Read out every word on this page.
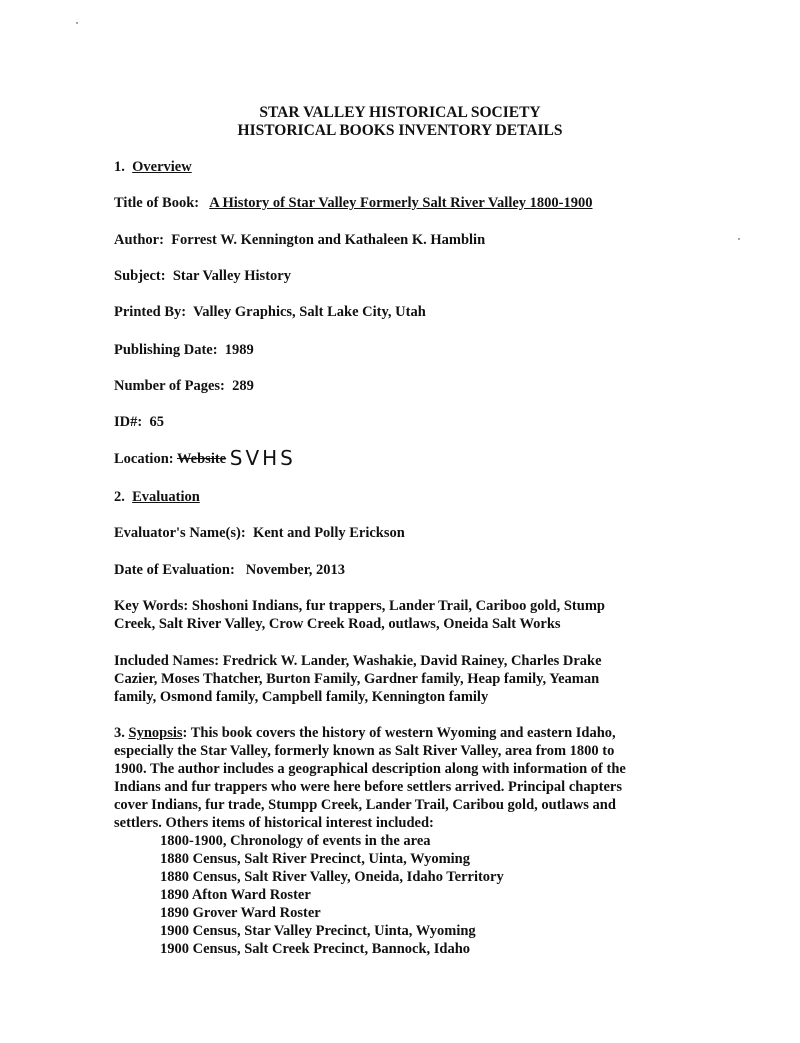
STAR VALLEY HISTORICAL SOCIETY
HISTORICAL BOOKS INVENTORY DETAILS
1. Overview
Title of Book: A History of Star Valley Formerly Salt River Valley 1800-1900
Author: Forrest W. Kennington and Kathaleen K. Hamblin
Subject: Star Valley History
Printed By: Valley Graphics, Salt Lake City, Utah
Publishing Date: 1989
Number of Pages: 289
ID#: 65
Location: Website SVHS
2. Evaluation
Evaluator's Name(s): Kent and Polly Erickson
Date of Evaluation: November, 2013
Key Words: Shoshoni Indians, fur trappers, Lander Trail, Cariboo gold, Stump
Creek, Salt River Valley, Crow Creek Road, outlaws, Oneida Salt Works
Included Names: Fredrick W. Lander, Washakie, David Rainey, Charles Drake
Cazier, Moses Thatcher, Burton Family, Gardner family, Heap family, Yeaman
family, Osmond family, Campbell family, Kennington family
3. Synopsis: This book covers the history of western Wyoming and eastern Idaho,
especially the Star Valley, formerly known as Salt River Valley, area from 1800 to
1900. The author includes a geographical description along with information of the
Indians and fur trappers who were here before settlers arrived. Principal chapters
cover Indians, fur trade, Stumpp Creek, Lander Trail, Caribou gold, outlaws and
settlers. Others items of historical interest included:
1800-1900, Chronology of events in the area
1880 Census, Salt River Precinct, Uinta, Wyoming
1880 Census, Salt River Valley, Oneida, Idaho Territory
1890 Afton Ward Roster
1890 Grover Ward Roster
1900 Census, Star Valley Precinct, Uinta, Wyoming
1900 Census, Salt Creek Precinct, Bannock, Idaho
